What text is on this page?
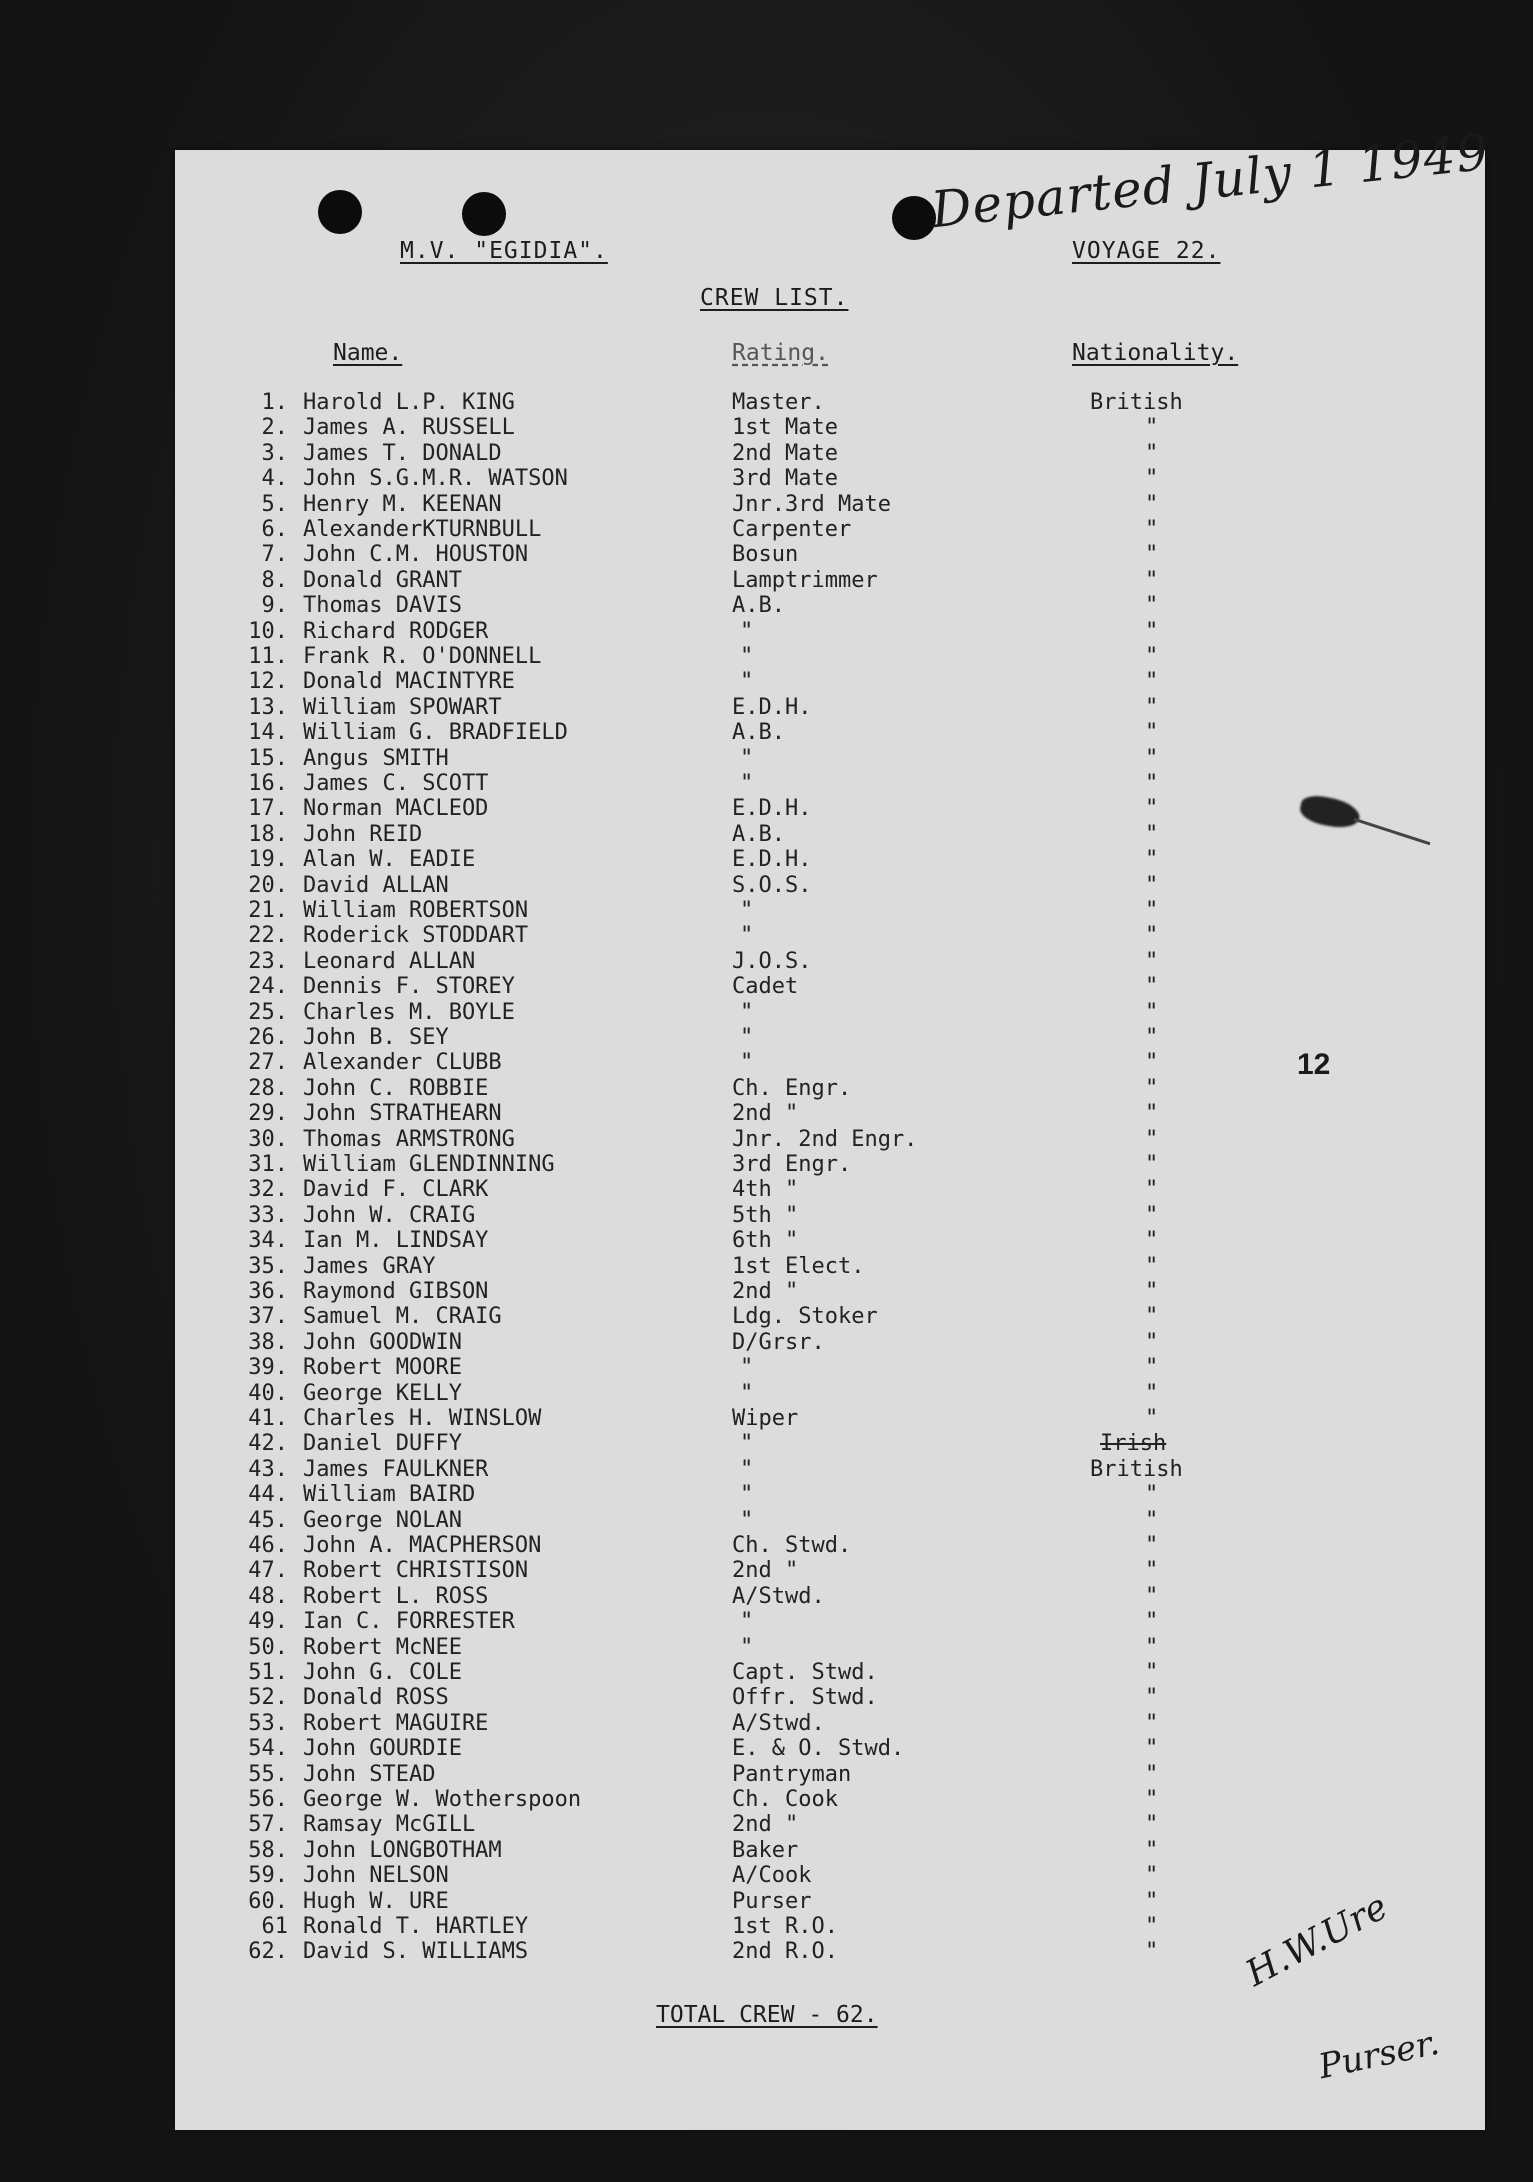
M.V. "EGIDIA".	VOYAGE 22.
CREW LIST.
Departed July 1 1949
Name.	Rating.	Nationality.
1. Harold L.P. KING	Master.	British
2. James A. RUSSELL	1st Mate	"
3. James T. DONALD	2nd Mate	"
4. John S.G.M.R. WATSON	3rd Mate	"
5. Henry M. KEENAN	Jnr.3rd Mate	"
6. AlexanderKTURNBULL	Carpenter	"
7. John C.M. HOUSTON	Bosun	"
8. Donald GRANT	Lamptrimmer	"
9. Thomas DAVIS	A.B.	"
10. Richard RODGER	"	"
11. Frank R. O'DONNELL	"	"
12. Donald MACINTYRE	"	"
13. William SPOWART	E.D.H.	"
14. William G. BRADFIELD	A.B.	"
15. Angus SMITH	"	"
16. James C. SCOTT	"	"
17. Norman MACLEOD	E.D.H.	"
18. John REID	A.B.	"
19. Alan W. EADIE	E.D.H.	"
20. David ALLAN	S.O.S.	"
21. William ROBERTSON	"	"
22. Roderick STODDART	"	"
23. Leonard ALLAN	J.O.S.	"
24. Dennis F. STOREY	Cadet	"
25. Charles M. BOYLE	"	"
26. John B. SEY	"	"
27. Alexander CLUBB	"	"
28. John C. ROBBIE	Ch. Engr.	"
29. John STRATHEARN	2nd "	"
30. Thomas ARMSTRONG	Jnr. 2nd Engr.	"
31. William GLENDINNING	3rd Engr.	"
32. David F. CLARK	4th "	"
33. John W. CRAIG	5th "	"
34. Ian M. LINDSAY	6th "	"
35. James GRAY	1st Elect.	"
36. Raymond GIBSON	2nd "	"
37. Samuel M. CRAIG	Ldg. Stoker	"
38. John GOODWIN	D/Grsr.	"
39. Robert MOORE	"	"
40. George KELLY	"	"
41. Charles H. WINSLOW	Wiper	"
42. Daniel DUFFY	"	Irish
43. James FAULKNER	"	British
44. William BAIRD	"	"
45. George NOLAN	"	"
46. John A. MACPHERSON	Ch. Stwd.	"
47. Robert CHRISTISON	2nd "	"
48. Robert L. ROSS	A/Stwd.	"
49. Ian C. FORRESTER	"	"
50. Robert McNEE	"	"
51. John G. COLE	Capt. Stwd.	"
52. Donald ROSS	Offr. Stwd.	"
53. Robert MAGUIRE	A/Stwd.	"
54. John GOURDIE	E. & O. Stwd.	"
55. John STEAD	Pantryman	"
56. George W. Wotherspoon	Ch. Cook	"
57. Ramsay McGILL	2nd "	"
58. John LONGBOTHAM	Baker	"
59. John NELSON	A/Cook	"
60. Hugh W. URE	Purser	"
61 Ronald T. HARTLEY	1st R.O.	"
62. David S. WILLIAMS	2nd R.O.	"
12
TOTAL CREW - 62.
H.W.Ure
Purser.
